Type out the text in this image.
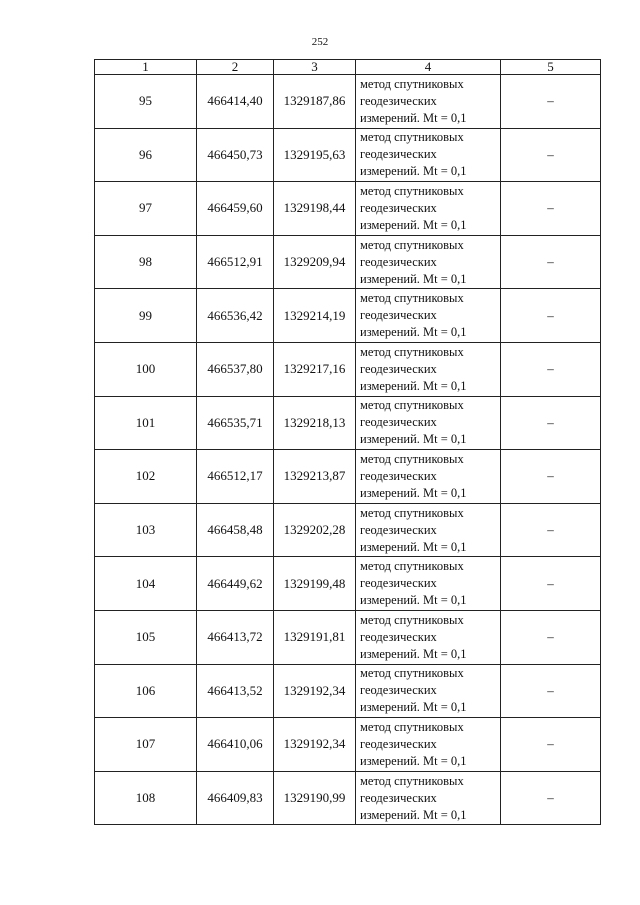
252
1	2	3	4	5
95	466414,40	1329187,86	метод спутниковых
геодезических
измерений. Mt = 0,1	–
96	466450,73	1329195,63	метод спутниковых
геодезических
измерений. Mt = 0,1	–
97	466459,60	1329198,44	метод спутниковых
геодезических
измерений. Mt = 0,1	–
98	466512,91	1329209,94	метод спутниковых
геодезических
измерений. Mt = 0,1	–
99	466536,42	1329214,19	метод спутниковых
геодезических
измерений. Mt = 0,1	–
100	466537,80	1329217,16	метод спутниковых
геодезических
измерений. Mt = 0,1	–
101	466535,71	1329218,13	метод спутниковых
геодезических
измерений. Mt = 0,1	–
102	466512,17	1329213,87	метод спутниковых
геодезических
измерений. Mt = 0,1	–
103	466458,48	1329202,28	метод спутниковых
геодезических
измерений. Mt = 0,1	–
104	466449,62	1329199,48	метод спутниковых
геодезических
измерений. Mt = 0,1	–
105	466413,72	1329191,81	метод спутниковых
геодезических
измерений. Mt = 0,1	–
106	466413,52	1329192,34	метод спутниковых
геодезических
измерений. Mt = 0,1	–
107	466410,06	1329192,34	метод спутниковых
геодезических
измерений. Mt = 0,1	–
108	466409,83	1329190,99	метод спутниковых
геодезических
измерений. Mt = 0,1	–
